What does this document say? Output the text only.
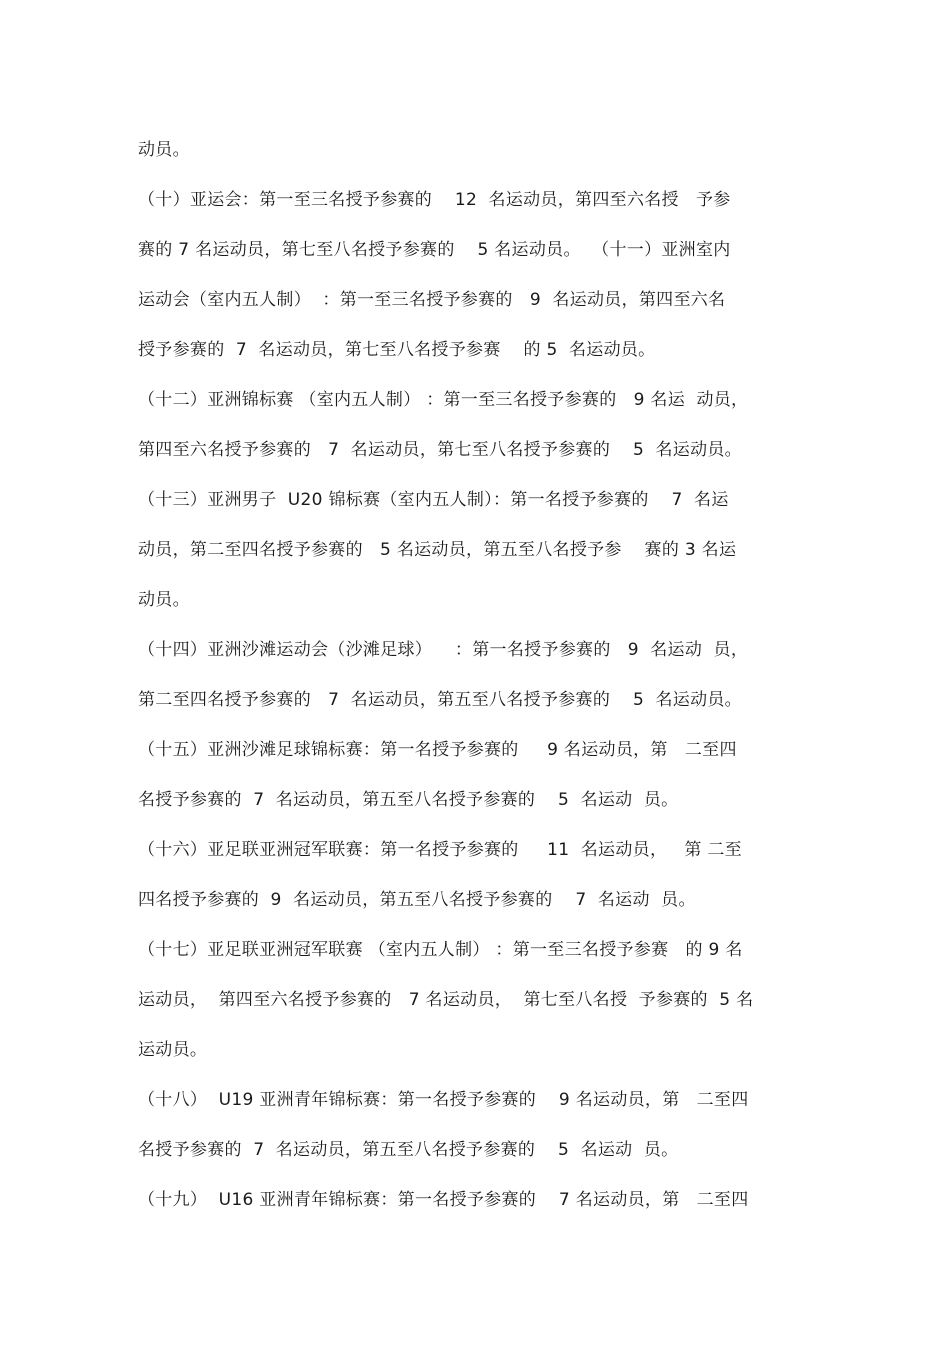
动员。
（十）亚运会：第一至三名授予参赛的    12  名运动员，第四至六名授   予参
赛的 7 名运动员，第七至八名授予参赛的    5 名运动员。  （十一）亚洲室内
运动会（室内五人制）  ：第一至三名授予参赛的   9  名运动员，第四至六名
授予参赛的  7  名运动员，第七至八名授予参赛    的 5  名运动员。
（十二）亚洲锦标赛 （室内五人制） ：第一至三名授予参赛的   9 名运  动员，
第四至六名授予参赛的   7  名运动员，第七至八名授予参赛的    5  名运动员。
（十三）亚洲男子  U20 锦标赛（室内五人制）：第一名授予参赛的    7  名运
动员，第二至四名授予参赛的   5 名运动员，第五至八名授予参    赛的 3 名运
动员。
（十四）亚洲沙滩运动会（沙滩足球）    ：第一名授予参赛的   9  名运动  员，
第二至四名授予参赛的   7  名运动员，第五至八名授予参赛的    5  名运动员。
（十五）亚洲沙滩足球锦标赛：第一名授予参赛的     9 名运动员，第   二至四
名授予参赛的  7  名运动员，第五至八名授予参赛的    5  名运动  员。
（十六）亚足联亚洲冠军联赛：第一名授予参赛的     11  名运动员，   第 二至
四名授予参赛的  9  名运动员，第五至八名授予参赛的    7  名运动  员。
（十七）亚足联亚洲冠军联赛 （室内五人制） ：第一至三名授予参赛   的 9 名
运动员，  第四至六名授予参赛的   7 名运动员，  第七至八名授  予参赛的  5 名
运动员。
（十八）  U19 亚洲青年锦标赛：第一名授予参赛的    9 名运动员，第   二至四
名授予参赛的  7  名运动员，第五至八名授予参赛的    5  名运动  员。
（十九）  U16 亚洲青年锦标赛：第一名授予参赛的    7 名运动员，第   二至四
